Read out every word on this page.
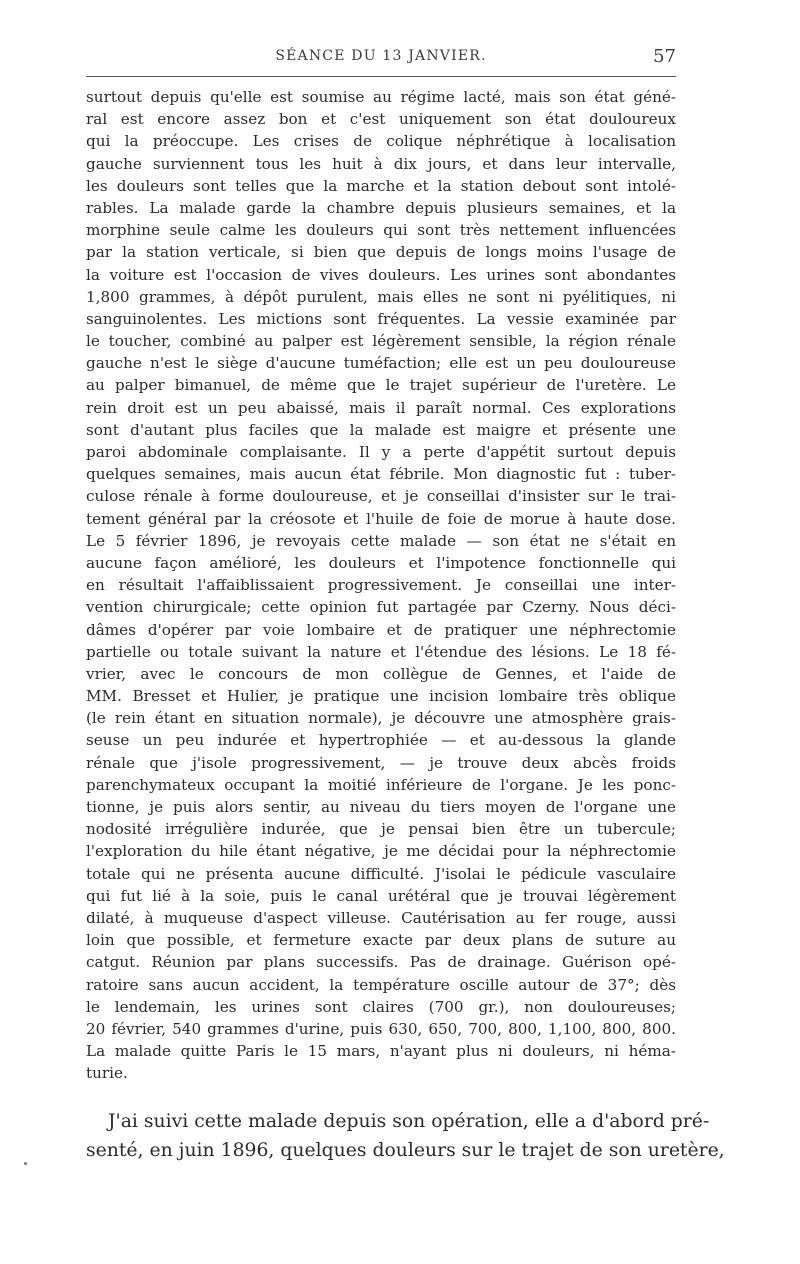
SÉANCE DU 13 JANVIER.	57
surtout depuis qu'elle est soumise au régime lacté, mais son état géné-
ral est encore assez bon et c'est uniquement son état douloureux
qui la préoccupe. Les crises de colique néphrétique à localisation
gauche surviennent tous les huit à dix jours, et dans leur intervalle,
les douleurs sont telles que la marche et la station debout sont intolé-
rables. La malade garde la chambre depuis plusieurs semaines, et la
morphine seule calme les douleurs qui sont très nettement influencées
par la station verticale, si bien que depuis de longs moins l'usage de
la voiture est l'occasion de vives douleurs. Les urines sont abondantes
1,800 grammes, à dépôt purulent, mais elles ne sont ni pyélitiques, ni
sanguinolentes. Les mictions sont fréquentes. La vessie examinée par
le toucher, combiné au palper est légèrement sensible, la région rénale
gauche n'est le siège d'aucune tuméfaction; elle est un peu douloureuse
au palper bimanuel, de même que le trajet supérieur de l'uretère. Le
rein droit est un peu abaissé, mais il paraît normal. Ces explorations
sont d'autant plus faciles que la malade est maigre et présente une
paroi abdominale complaisante. Il y a perte d'appétit surtout depuis
quelques semaines, mais aucun état fébrile. Mon diagnostic fut : tuber-
culose rénale à forme douloureuse, et je conseillai d'insister sur le trai-
tement général par la créosote et l'huile de foie de morue à haute dose.
Le 5 février 1896, je revoyais cette malade — son état ne s'était en
aucune façon amélioré, les douleurs et l'impotence fonctionnelle qui
en résultait l'affaiblissaient progressivement. Je conseillai une inter-
vention chirurgicale; cette opinion fut partagée par Czerny. Nous déci-
dâmes d'opérer par voie lombaire et de pratiquer une néphrectomie
partielle ou totale suivant la nature et l'étendue des lésions. Le 18 fé-
vrier, avec le concours de mon collègue de Gennes, et l'aide de
MM. Bresset et Hulier, je pratique une incision lombaire très oblique
(le rein étant en situation normale), je découvre une atmosphère grais-
seuse un peu indurée et hypertrophiée — et au-dessous la glande
rénale que j'isole progressivement, — je trouve deux abcès froids
parenchymateux occupant la moitié inférieure de l'organe. Je les ponc-
tionne, je puis alors sentir, au niveau du tiers moyen de l'organe une
nodosité irrégulière indurée, que je pensai bien être un tubercule;
l'exploration du hile étant négative, je me décidai pour la néphrectomie
totale qui ne présenta aucune difficulté. J'isolai le pédicule vasculaire
qui fut lié à la soie, puis le canal urétéral que je trouvai légèrement
dilaté, à muqueuse d'aspect villeuse. Cautérisation au fer rouge, aussi
loin que possible, et fermeture exacte par deux plans de suture au
catgut. Réunion par plans successifs. Pas de drainage. Guérison opé-
ratoire sans aucun accident, la température oscille autour de 37°; dès
le lendemain, les urines sont claires (700 gr.), non douloureuses;
20 février, 540 grammes d'urine, puis 630, 650, 700, 800, 1,100, 800, 800.
La malade quitte Paris le 15 mars, n'ayant plus ni douleurs, ni héma-
turie.
J'ai suivi cette malade depuis son opération, elle a d'abord pré-
senté, en juin 1896, quelques douleurs sur le trajet de son uretère,
